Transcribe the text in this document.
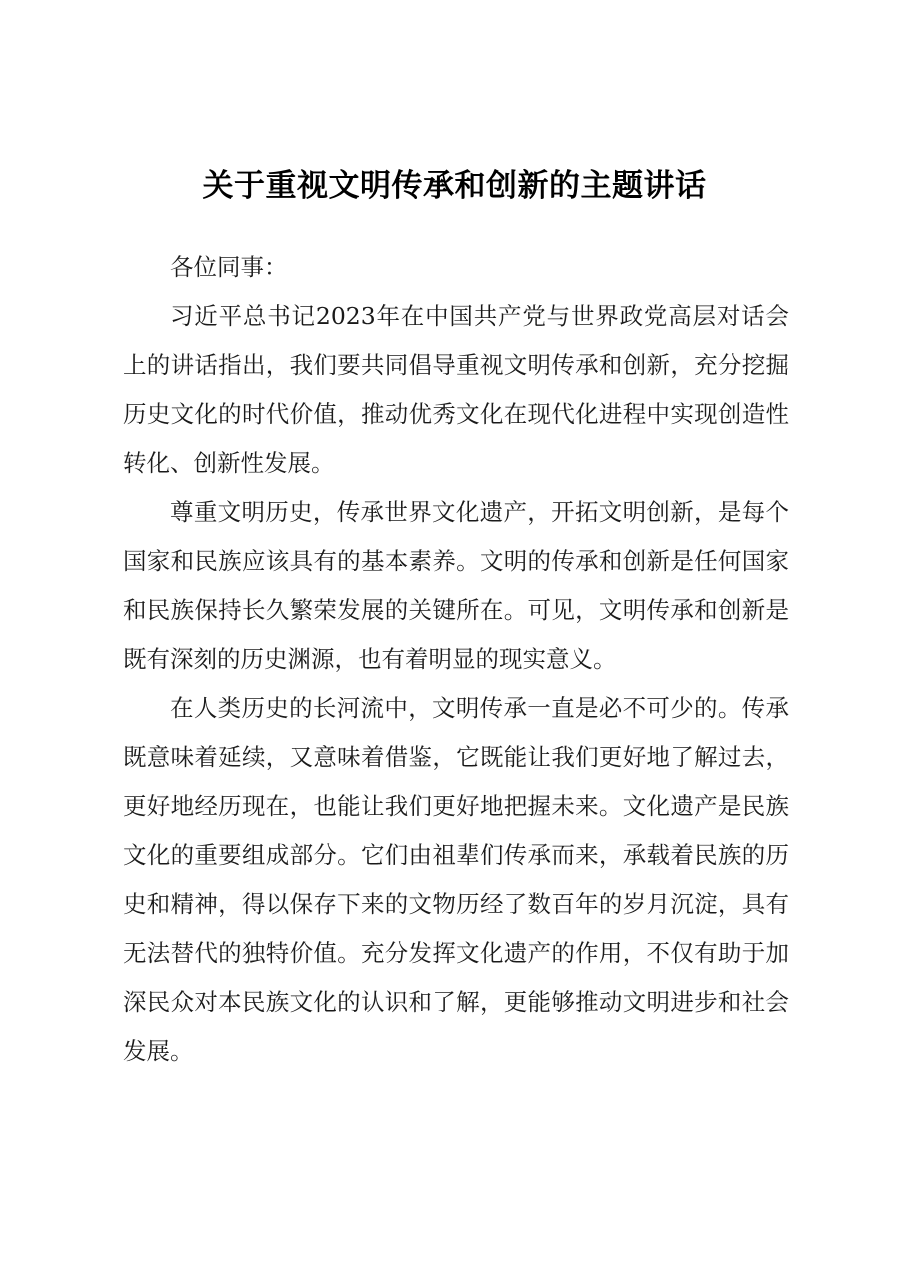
关于重视文明传承和创新的主题讲话

各位同事：

习近平总书记2023年在中国共产党与世界政党高层对话会上的讲话指出，我们要共同倡导重视文明传承和创新，充分挖掘历史文化的时代价值，推动优秀文化在现代化进程中实现创造性转化、创新性发展。

尊重文明历史，传承世界文化遗产，开拓文明创新，是每个国家和民族应该具有的基本素养。文明的传承和创新是任何国家和民族保持长久繁荣发展的关键所在。可见，文明传承和创新是既有深刻的历史渊源，也有着明显的现实意义。

在人类历史的长河流中，文明传承一直是必不可少的。传承既意味着延续，又意味着借鉴，它既能让我们更好地了解过去，更好地经历现在，也能让我们更好地把握未来。文化遗产是民族文化的重要组成部分。它们由祖辈们传承而来，承载着民族的历史和精神，得以保存下来的文物历经了数百年的岁月沉淀，具有无法替代的独特价值。充分发挥文化遗产的作用，不仅有助于加深民众对本民族文化的认识和了解，更能够推动文明进步和社会发展。
